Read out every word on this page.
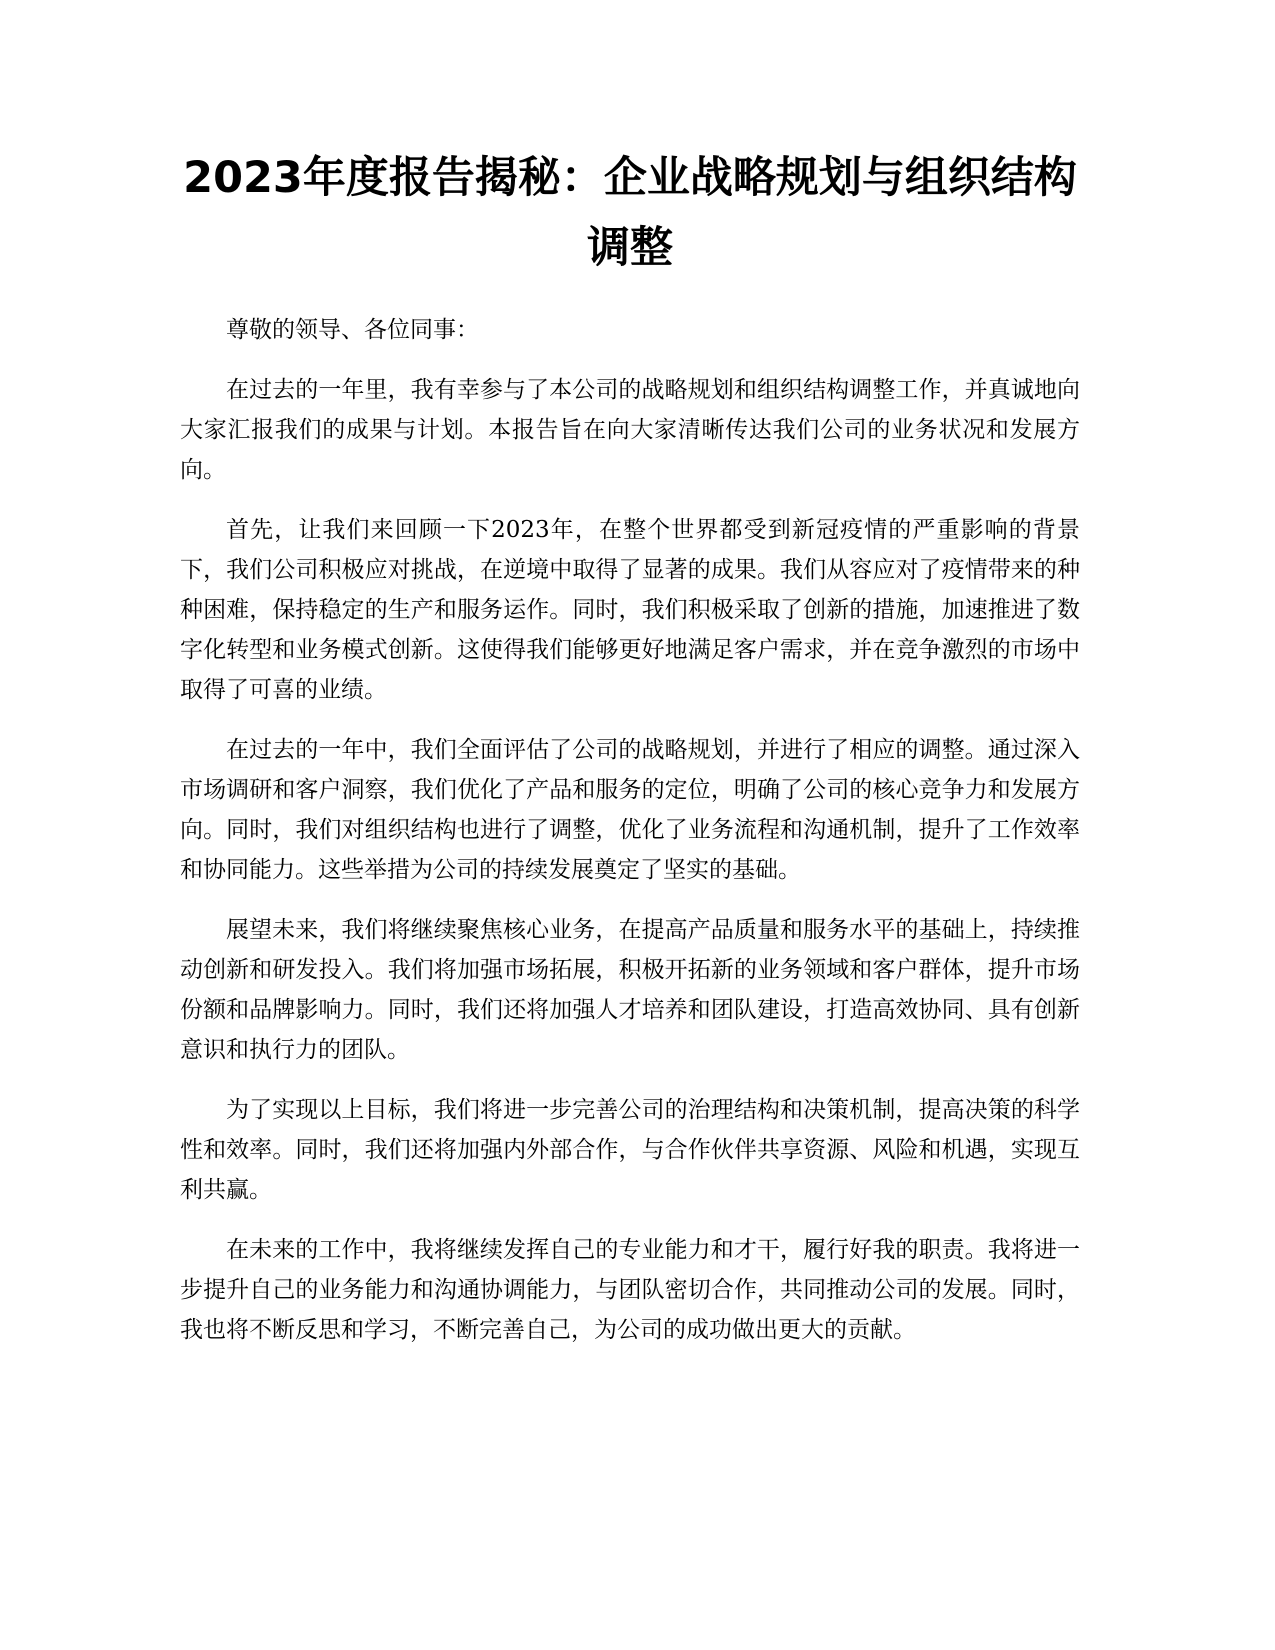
2023年度报告揭秘：企业战略规划与组织结构调整

尊敬的领导、各位同事：

在过去的一年里，我有幸参与了本公司的战略规划和组织结构调整工作，并真诚地向大家汇报我们的成果与计划。本报告旨在向大家清晰传达我们公司的业务状况和发展方向。

首先，让我们来回顾一下2023年，在整个世界都受到新冠疫情的严重影响的背景下，我们公司积极应对挑战，在逆境中取得了显著的成果。我们从容应对了疫情带来的种种困难，保持稳定的生产和服务运作。同时，我们积极采取了创新的措施，加速推进了数字化转型和业务模式创新。这使得我们能够更好地满足客户需求，并在竞争激烈的市场中取得了可喜的业绩。

在过去的一年中，我们全面评估了公司的战略规划，并进行了相应的调整。通过深入市场调研和客户洞察，我们优化了产品和服务的定位，明确了公司的核心竞争力和发展方向。同时，我们对组织结构也进行了调整，优化了业务流程和沟通机制，提升了工作效率和协同能力。这些举措为公司的持续发展奠定了坚实的基础。

展望未来，我们将继续聚焦核心业务，在提高产品质量和服务水平的基础上，持续推动创新和研发投入。我们将加强市场拓展，积极开拓新的业务领域和客户群体，提升市场份额和品牌影响力。同时，我们还将加强人才培养和团队建设，打造高效协同、具有创新意识和执行力的团队。

为了实现以上目标，我们将进一步完善公司的治理结构和决策机制，提高决策的科学性和效率。同时，我们还将加强内外部合作，与合作伙伴共享资源、风险和机遇，实现互利共赢。

在未来的工作中，我将继续发挥自己的专业能力和才干，履行好我的职责。我将进一步提升自己的业务能力和沟通协调能力，与团队密切合作，共同推动公司的发展。同时，我也将不断反思和学习，不断完善自己，为公司的成功做出更大的贡献。
